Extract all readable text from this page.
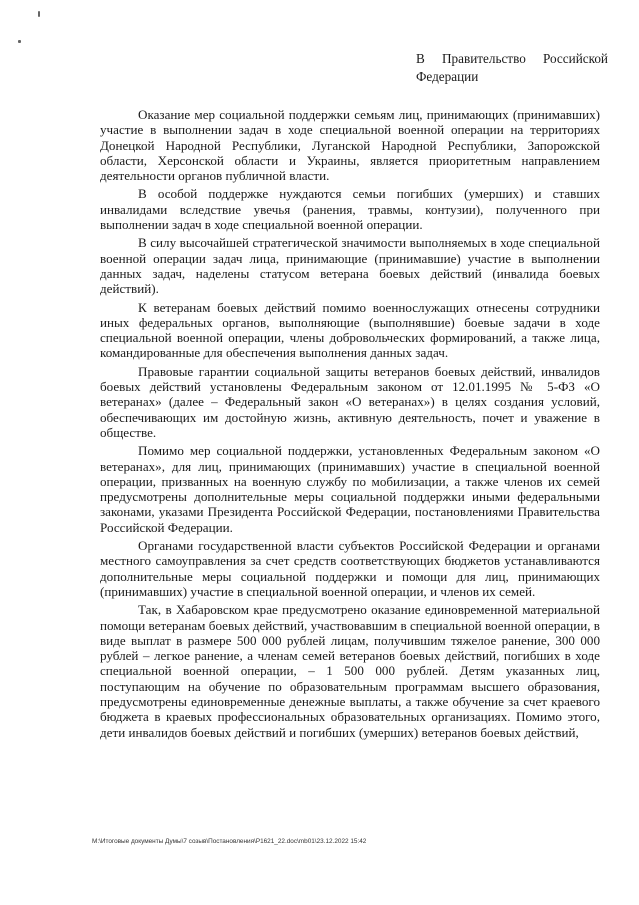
В Правительство Российской Федерации

Оказание мер социальной поддержки семьям лиц, принимающих (принимавших) участие в выполнении задач в ходе специальной военной операции на территориях Донецкой Народной Республики, Луганской Народной Республики, Запорожской области, Херсонской области и Украины, является приоритетным направлением деятельности органов публичной власти.

В особой поддержке нуждаются семьи погибших (умерших) и ставших инвалидами вследствие увечья (ранения, травмы, контузии), полученного при выполнении задач в ходе специальной военной операции.

В силу высочайшей стратегической значимости выполняемых в ходе специальной военной операции задач лица, принимающие (принимавшие) участие в выполнении данных задач, наделены статусом ветерана боевых действий (инвалида боевых действий).

К ветеранам боевых действий помимо военнослужащих отнесены сотрудники иных федеральных органов, выполняющие (выполнявшие) боевые задачи в ходе специальной военной операции, члены добровольческих формирований, а также лица, командированные для обеспечения выполнения данных задач.

Правовые гарантии социальной защиты ветеранов боевых действий, инвалидов боевых действий установлены Федеральным законом от 12.01.1995 № 5-ФЗ «О ветеранах» (далее – Федеральный закон «О ветеранах») в целях создания условий, обеспечивающих им достойную жизнь, активную деятельность, почет и уважение в обществе.

Помимо мер социальной поддержки, установленных Федеральным законом «О ветеранах», для лиц, принимающих (принимавших) участие в специальной военной операции, призванных на военную службу по мобилизации, а также членов их семей предусмотрены дополнительные меры социальной поддержки иными федеральными законами, указами Президента Российской Федерации, постановлениями Правительства Российской Федерации.

Органами государственной власти субъектов Российской Федерации и органами местного самоуправления за счет средств соответствующих бюджетов устанавливаются дополнительные меры социальной поддержки и помощи для лиц, принимающих (принимавших) участие в специальной военной операции, и членов их семей.

Так, в Хабаровском крае предусмотрено оказание единовременной материальной помощи ветеранам боевых действий, участвовавшим в специальной военной операции, в виде выплат в размере 500 000 рублей лицам, получившим тяжелое ранение, 300 000 рублей – легкое ранение, а членам семей ветеранов боевых действий, погибших в ходе специальной военной операции, – 1 500 000 рублей. Детям указанных лиц, поступающим на обучение по образовательным программам высшего образования, предусмотрены единовременные денежные выплаты, а также обучение за счет краевого бюджета в краевых профессиональных образовательных организациях. Помимо этого, дети инвалидов боевых действий и погибших (умерших) ветеранов боевых действий,

M:\Итоговые документы Думы\7 созыв\Постановления\Р1621_22.doc\mb01\23.12.2022 15:42
